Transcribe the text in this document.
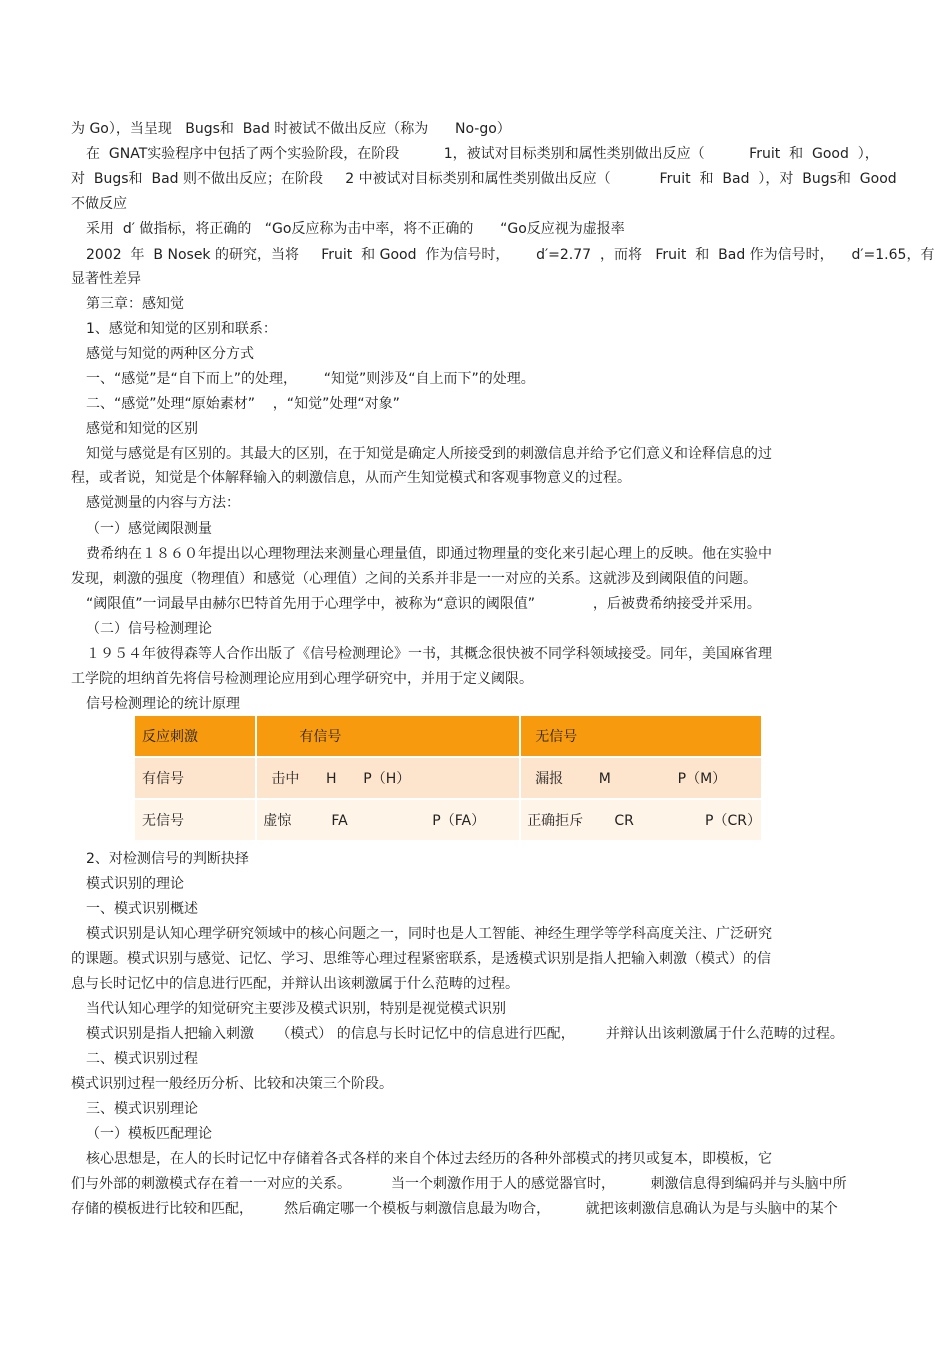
为 Go），当呈现   Bugs和  Bad 时被试不做出反应（称为      No-go）
在  GNAT实验程序中包括了两个实验阶段，在阶段          1，被试对目标类别和属性类别做出反应（          Fruit  和  Good  ），
对  Bugs和  Bad 则不做出反应；在阶段     2 中被试对目标类别和属性类别做出反应（           Fruit  和  Bad  ），对  Bugs和  Good
不做反应
采用  d′ 做指标，将正确的   “Go反应称为击中率，将不正确的      “Go反应视为虚报率
2002  年  B Nosek 的研究，当将     Fruit  和 Good  作为信号时，      d′=2.77  ，而将   Fruit  和  Bad 作为信号时，    d′=1.65，有
显著性差异
第三章：感知觉
1、感觉和知觉的区别和联系：
感觉与知觉的两种区分方式
一、“感觉”是“自下而上”的处理，      “知觉”则涉及“自上而下”的处理。
二、“感觉”处理“原始素材”    ，“知觉”处理“对象”
感觉和知觉的区别
知觉与感觉是有区别的。其最大的区别，在于知觉是确定人所接受到的刺激信息并给予它们意义和诠释信息的过
程，或者说，知觉是个体解释输入的刺激信息，从而产生知觉模式和客观事物意义的过程。
感觉测量的内容与方法：
（一）感觉阈限测量
费希纳在１８６０年提出以心理物理法来测量心理量值，即通过物理量的变化来引起心理上的反映。他在实验中
发现，刺激的强度（物理值）和感觉（心理值）之间的关系并非是一一对应的关系。这就涉及到阈限值的问题。
“阈限值”一词最早由赫尔巴特首先用于心理学中，被称为“意识的阈限值”             ，后被费希纳接受并采用。
（二）信号检测理论
１９５４年彼得森等人合作出版了《信号检测理论》一书，其概念很快被不同学科领域接受。同年，美国麻省理
工学院的坦纳首先将信号检测理论应用到心理学研究中，并用于定义阈限。
信号检测理论的统计原理
反应刺激	有信号	无信号
有信号	击中      H      P（H）	漏报        M               P（M）
无信号	虚惊         FA                   P（FA）	正确拒斥       CR                P（CR）
2、对检测信号的判断抉择
模式识别的理论
一、模式识别概述
模式识别是认知心理学研究领域中的核心问题之一，同时也是人工智能、神经生理学等学科高度关注、广泛研究
的课题。模式识别与感觉、记忆、学习、思维等心理过程紧密联系，是透模式识别是指人把输入刺激（模式）的信
息与长时记忆中的信息进行匹配，并辩认出该刺激属于什么范畴的过程。
当代认知心理学的知觉研究主要涉及模式识别，特别是视觉模式识别
模式识别是指人把输入刺激     （模式） 的信息与长时记忆中的信息进行匹配，       并辩认出该刺激属于什么范畴的过程。
二、模式识别过程
模式识别过程一般经历分析、比较和决策三个阶段。
三、模式识别理论
（一）模板匹配理论
核心思想是，在人的长时记忆中存储着各式各样的来自个体过去经历的各种外部模式的拷贝或复本，即模板，它
们与外部的刺激模式存在着一一对应的关系。         当一个刺激作用于人的感觉器官时，        刺激信息得到编码并与头脑中所
存储的模板进行比较和匹配，       然后确定哪一个模板与刺激信息最为吻合，        就把该刺激信息确认为是与头脑中的某个
